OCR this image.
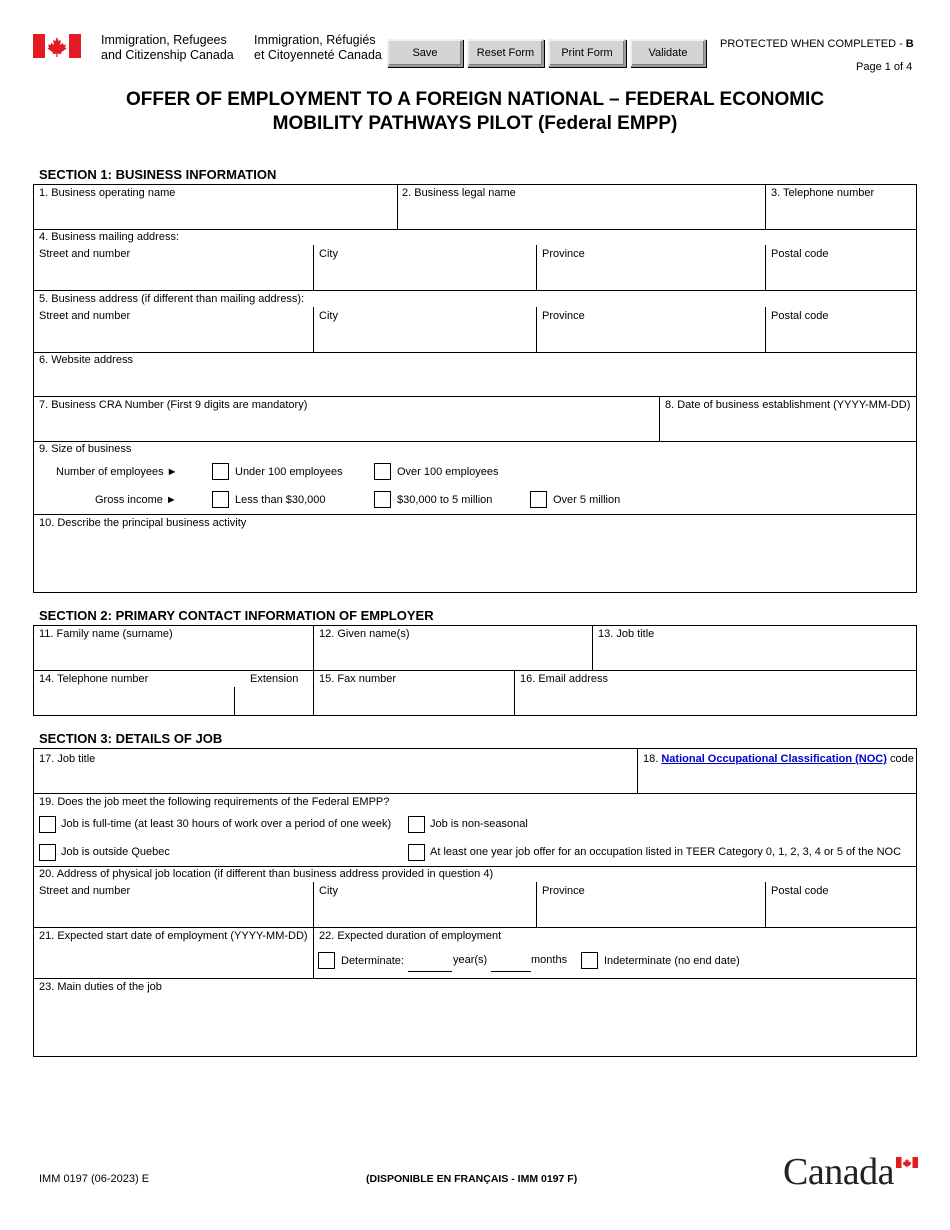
Immigration, Refugees
and Citizenship Canada
Immigration, Réfugiés
et Citoyenneté Canada	Save	Reset Form	Print Form	Validate
PROTECTED WHEN COMPLETED - B
Page 1 of 4
OFFER OF EMPLOYMENT TO A FOREIGN NATIONAL – FEDERAL ECONOMIC
MOBILITY PATHWAYS PILOT (Federal EMPP)
SECTION 1: BUSINESS INFORMATION
1. Business operating name	2. Business legal name	3. Telephone number
4. Business mailing address:
Street and number	City	Province	Postal code
5. Business address (if different than mailing address):
Street and number	City	Province	Postal code
6. Website address
7. Business CRA Number (First 9 digits are mandatory)	8. Date of business establishment (YYYY-MM-DD)
9. Size of business
Number of employees ►	Under 100 employees	Over 100 employees
Gross income ►	Less than $30,000	$30,000 to 5 million	Over 5 million
10. Describe the principal business activity
SECTION 2: PRIMARY CONTACT INFORMATION OF EMPLOYER
11. Family name (surname)	12. Given name(s)	13. Job title
14. Telephone number	Extension 15. Fax number	16. Email address
SECTION 3: DETAILS OF JOB
17. Job title	18. National Occupational Classification (NOC) code
19. Does the job meet the following requirements of the Federal EMPP?
Job is full-time (at least 30 hours of work over a period of one week)	Job is non-seasonal
Job is outside Quebec	At least one year job offer for an occupation listed in TEER Category 0, 1, 2, 3, 4 or 5 of the NOC
20. Address of physical job location (if different than business address provided in question 4)
Street and number	City	Province	Postal code
21. Expected start date of employment (YYYY-MM-DD) 22. Expected duration of employment
Determinate:	year(s)	months	Indeterminate (no end date)
23. Main duties of the job
IMM 0197 (06-2023) E	(DISPONIBLE EN FRANÇAIS - IMM 0197 F)	Canada
